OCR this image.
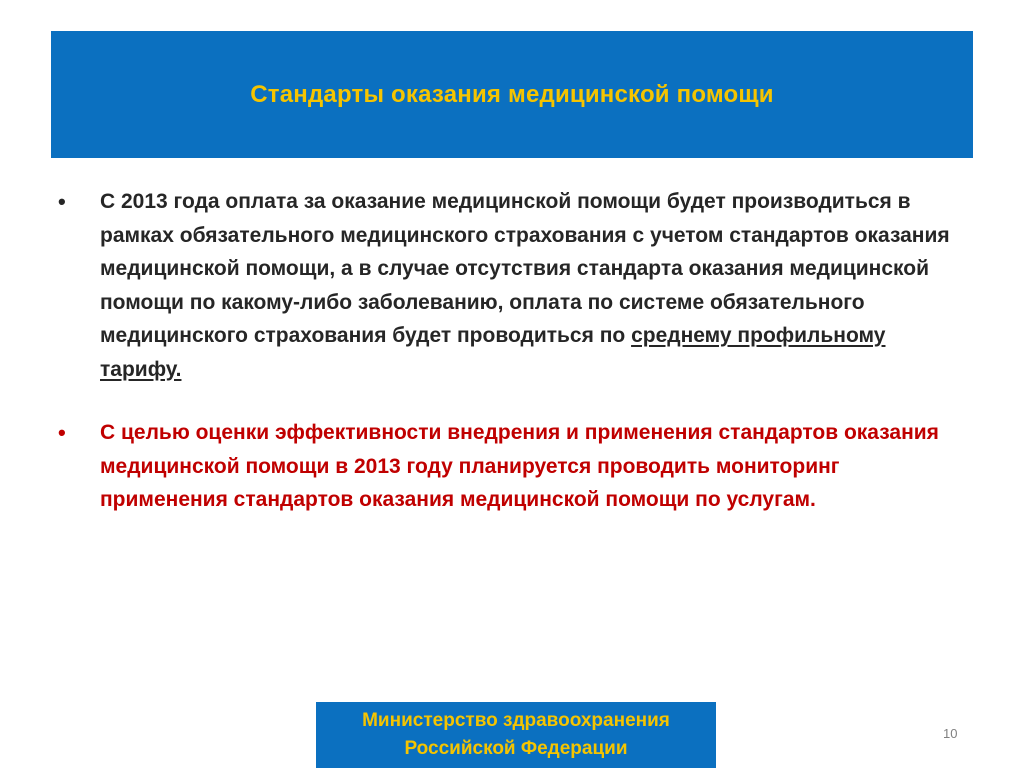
Стандарты оказания медицинской помощи
•	С 2013 года оплата за оказание медицинской помощи будет производиться в рамках обязательного медицинского страхования с учетом стандартов оказания медицинской помощи, а в случае отсутствия стандарта оказания медицинской помощи по какому-либо заболеванию, оплата по системе обязательного медицинского страхования будет проводиться по среднему профильному тарифу.
•	С целью оценки эффективности внедрения и применения стандартов оказания медицинской помощи в 2013 году планируется проводить мониторинг применения стандартов оказания медицинской помощи по услугам.
Министерство здравоохранения
Российской Федерации
10
